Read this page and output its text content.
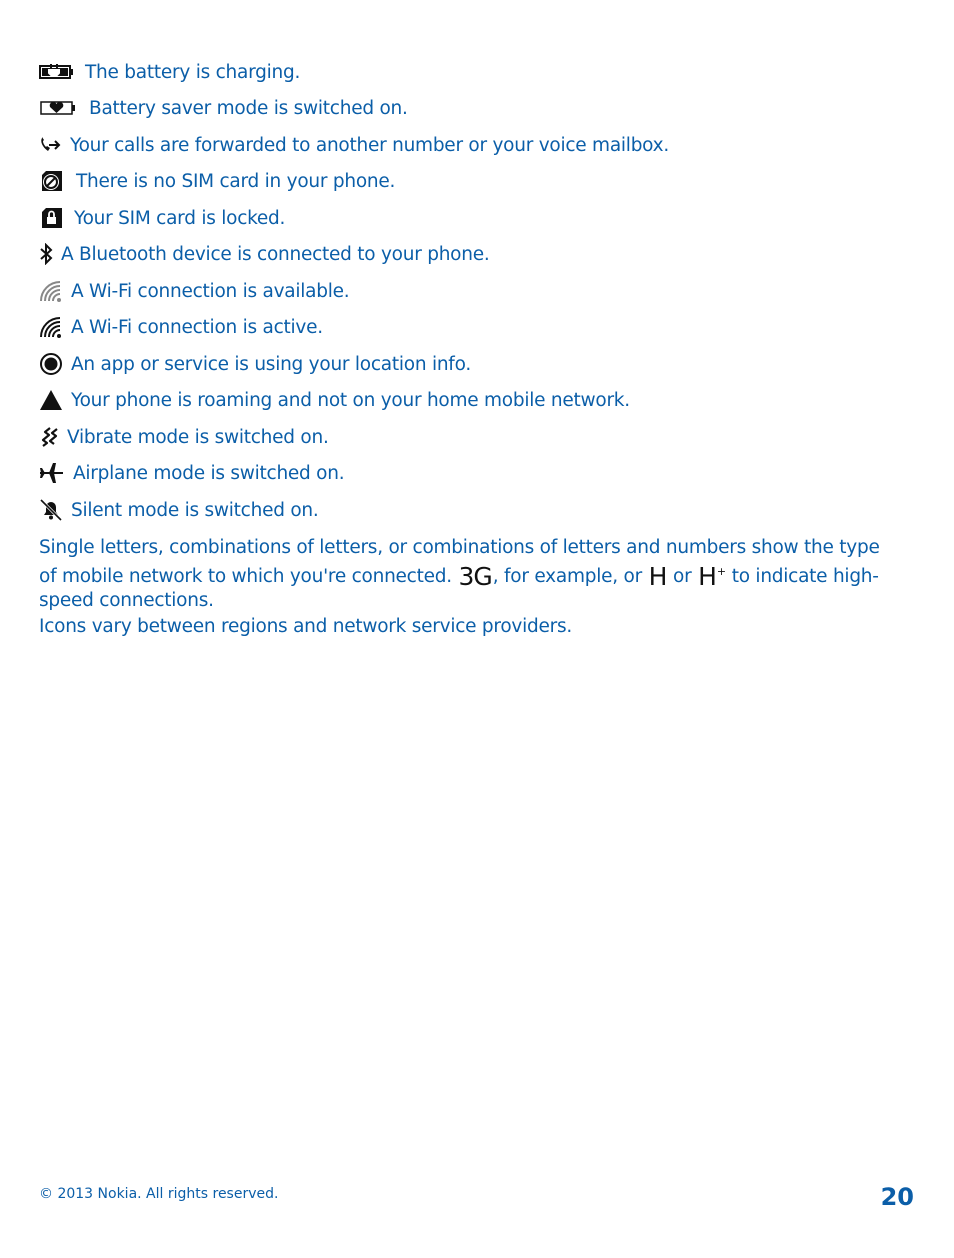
The battery is charging.
Battery saver mode is switched on.
Your calls are forwarded to another number or your voice mailbox.
There is no SIM card in your phone.
Your SIM card is locked.
A Bluetooth device is connected to your phone.
A Wi-Fi connection is available.
A Wi-Fi connection is active.
An app or service is using your location info.
Your phone is roaming and not on your home mobile network.
Vibrate mode is switched on.
Airplane mode is switched on.
Silent mode is switched on.

Single letters, combinations of letters, or combinations of letters and numbers show the type of mobile network to which you're connected. 3G, for example, or H or H+ to indicate high-speed connections.

Icons vary between regions and network service providers.

© 2013 Nokia. All rights reserved.	20
